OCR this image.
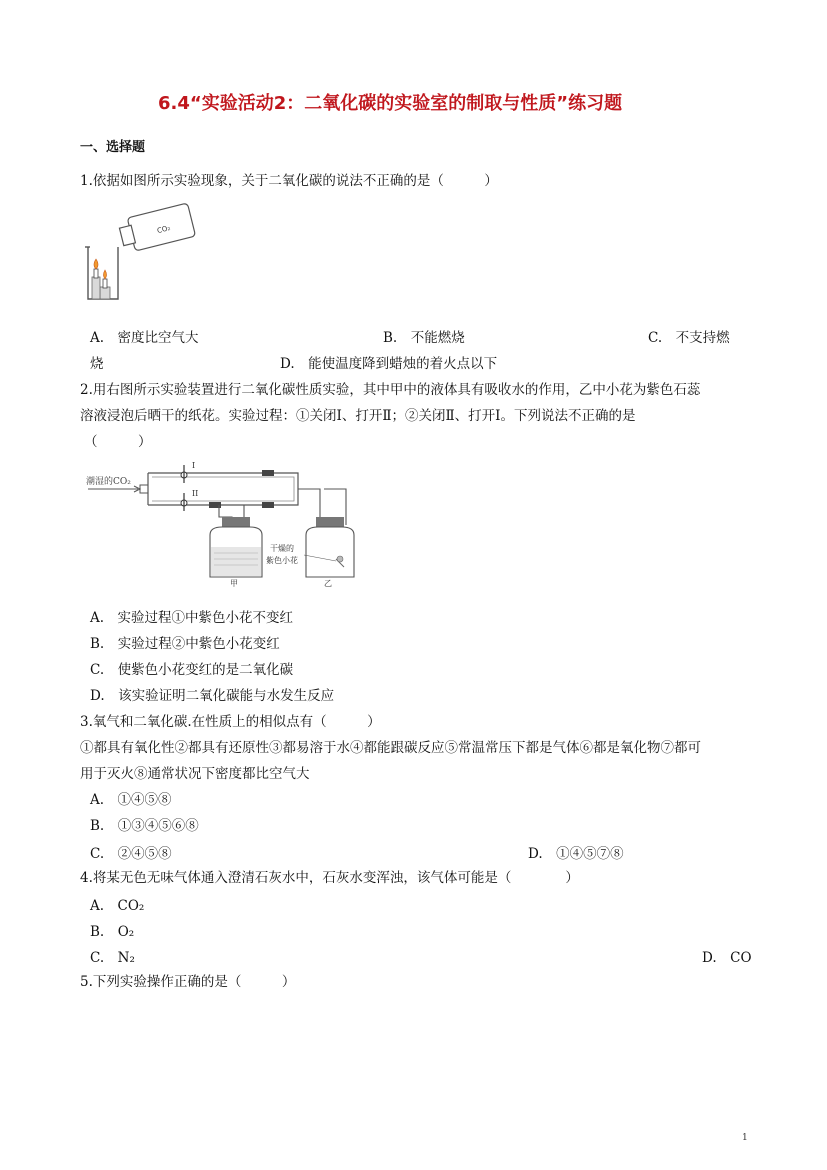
6.4“实验活动2：二氧化碳的实验室的制取与性质”练习题
一、选择题
1.依据如图所示实验现象，关于二氧化碳的说法不正确的是（　　　）
CO₂
A.　密度比空气大	B.　不能燃烧	C.　不支持燃
烧	D.　能使温度降到蜡烛的着火点以下
2.用右图所示实验装置进行二氧化碳性质实验，其中甲中的液体具有吸收水的作用，乙中小花为紫色石蕊
溶液浸泡后晒干的纸花。实验过程：①关闭Ⅰ、打开Ⅱ；②关闭Ⅱ、打开Ⅰ。下列说法不正确的是
（　　　）
潮湿的CO₂
I
II
干燥的
紫色小花
甲	乙
A.　实验过程①中紫色小花不变红
B.　实验过程②中紫色小花变红
C.　使紫色小花变红的是二氧化碳
D.　该实验证明二氧化碳能与水发生反应
3.氧气和二氧化碳.在性质上的相似点有（　　　）
①都具有氧化性②都具有还原性③都易溶于水④都能跟碳反应⑤常温常压下都是气体⑥都是氧化物⑦都可
用于灭火⑧通常状况下密度都比空气大
A.　①④⑤⑧
B.　①③④⑤⑥⑧
C.　②④⑤⑧	D.　①④⑤⑦⑧
4.将某无色无味气体通入澄清石灰水中，石灰水变浑浊，该气体可能是（　　　　）
A.　CO₂
B.　O₂
C.　N₂	D.　CO
5.下列实验操作正确的是（　　　）
1
